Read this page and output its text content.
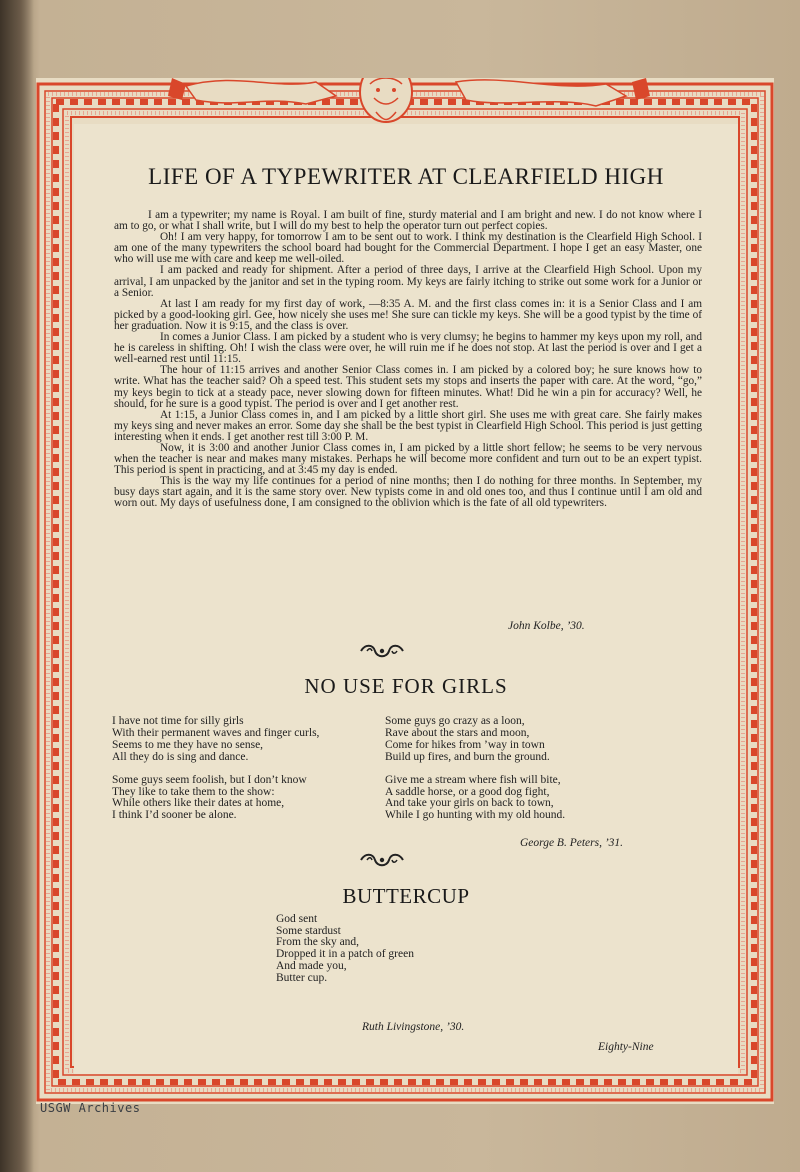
LIFE OF A TYPEWRITER AT CLEARFIELD HIGH

I am a typewriter; my name is Royal. I am built of fine, sturdy material and I am bright and new. I do not know where I am to go, or what I shall write, but I will do my best to help the operator turn out perfect copies.

Oh! I am very happy, for tomorrow I am to be sent out to work. I think my destination is the Clearfield High School. I am one of the many typewriters the school board had bought for the Commercial Department. I hope I get an easy Master, one who will use me with care and keep me well-oiled.

I am packed and ready for shipment. After a period of three days, I arrive at the Clearfield High School. Upon my arrival, I am unpacked by the janitor and set in the typing room. My keys are fairly itching to strike out some work for a Junior or a Senior.

At last I am ready for my first day of work, —8:35 A. M. and the first class comes in: it is a Senior Class and I am picked by a good-looking girl. Gee, how nicely she uses me! She sure can tickle my keys. She will be a good typist by the time of her graduation. Now it is 9:15, and the class is over.

In comes a Junior Class. I am picked by a student who is very clumsy; he begins to hammer my keys upon my roll, and he is careless in shifting. Oh! I wish the class were over, he will ruin me if he does not stop. At last the period is over and I get a well-earned rest until 11:15.

The hour of 11:15 arrives and another Senior Class comes in. I am picked by a colored boy; he sure knows how to write. What has the teacher said? Oh a speed test. This student sets my stops and inserts the paper with care. At the word, “go,” my keys begin to tick at a steady pace, never slowing down for fifteen minutes. What! Did he win a pin for accuracy? Well, he should, for he sure is a good typist. The period is over and I get another rest.

At 1:15, a Junior Class comes in, and I am picked by a little short girl. She uses me with great care. She fairly makes my keys sing and never makes an error. Some day she shall be the best typist in Clearfield High School. This period is just getting interesting when it ends. I get another rest till 3:00 P. M.

Now, it is 3:00 and another Junior Class comes in, I am picked by a little short fellow; he seems to be very nervous when the teacher is near and makes many mistakes. Perhaps he will become more confident and turn out to be an expert typist. This period is spent in practicing, and at 3:45 my day is ended.

This is the way my life continues for a period of nine months; then I do nothing for three months. In September, my busy days start again, and it is the same story over. New typists come in and old ones too, and thus I continue until I am old and worn out. My days of usefulness done, I am consigned to the oblivion which is the fate of all old typewriters.

John Kolbe, ’30.
NO USE FOR GIRLS
I have not time for silly girls
With their permanent waves and finger curls,
Seems to me they have no sense,
All they do is sing and dance.
Some guys seem foolish, but I don’t know
They like to take them to the show:
While others like their dates at home,
I think I’d sooner be alone.
Some guys go crazy as a loon,
Rave about the stars and moon,
Come for hikes from ’way in town
Build up fires, and burn the ground.
Give me a stream where fish will bite,
A saddle horse, or a good dog fight,
And take your girls on back to town,
While I go hunting with my old hound.
George B. Peters, ’31.
BUTTERCUP
God sent
Some stardust
From the sky and,
Dropped it in a patch of green
And made you,
Butter cup.
Ruth Livingstone, ’30.
Eighty-Nine
USGW Archives
